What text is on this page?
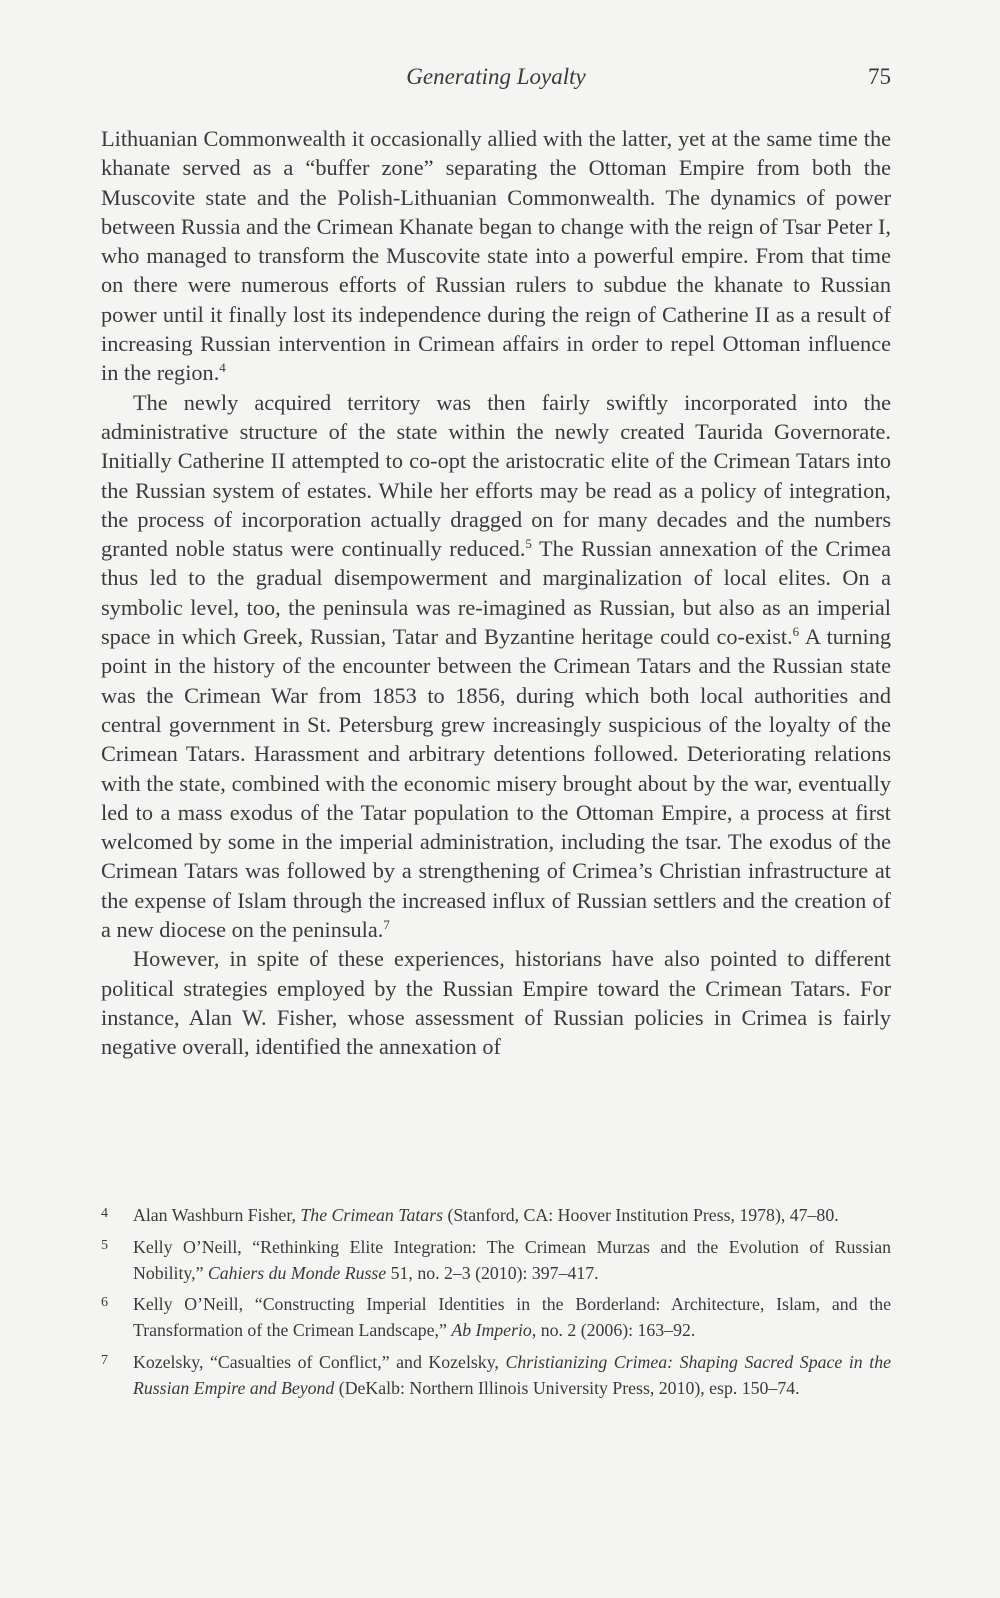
Generating Loyalty	75

Lithuanian Commonwealth it occasionally allied with the latter, yet at the same time the khanate served as a “buffer zone” separating the Ottoman Empire from both the Muscovite state and the Polish-Lithuanian Commonwealth. The dynamics of power between Russia and the Crimean Khanate began to change with the reign of Tsar Peter I, who managed to transform the Muscovite state into a powerful empire. From that time on there were numerous efforts of Russian rulers to subdue the khanate to Russian power until it finally lost its independence during the reign of Catherine II as a result of increasing Russian intervention in Crimean affairs in order to repel Ottoman influence in the region.$^4$

The newly acquired territory was then fairly swiftly incorporated into the administrative structure of the state within the newly created Taurida Governorate. Initially Catherine II attempted to co-opt the aristocratic elite of the Crimean Tatars into the Russian system of estates. While her efforts may be read as a policy of integration, the process of incorporation actually dragged on for many decades and the numbers granted noble status were continually reduced.$^5$ The Russian annexation of the Crimea thus led to the gradual disempowerment and marginalization of local elites. On a symbolic level, too, the peninsula was re-imagined as Russian, but also as an imperial space in which Greek, Russian, Tatar and Byzantine heritage could co-exist.$^6$ A turning point in the history of the encounter between the Crimean Tatars and the Russian state was the Crimean War from 1853 to 1856, during which both local authorities and central government in St. Petersburg grew increasingly suspicious of the loyalty of the Crimean Tatars. Harassment and arbitrary detentions followed. Deteriorating relations with the state, combined with the economic misery brought about by the war, eventually led to a mass exodus of the Tatar population to the Ottoman Empire, a process at first welcomed by some in the imperial administration, including the tsar. The exodus of the Crimean Tatars was followed by a strengthening of Crimea’s Christian infrastructure at the expense of Islam through the increased influx of Russian settlers and the creation of a new diocese on the peninsula.$^7$

However, in spite of these experiences, historians have also pointed to different political strategies employed by the Russian Empire toward the Crimean Tatars. For instance, Alan W. Fisher, whose assessment of Russian policies in Crimea is fairly negative overall, identified the annexation of

4 Alan Washburn Fisher, The Crimean Tatars (Stanford, CA: Hoover Institution Press, 1978), 47–80.
5 Kelly O’Neill, “Rethinking Elite Integration: The Crimean Murzas and the Evolution of Russian Nobility,” Cahiers du Monde Russe 51, no. 2–3 (2010): 397–417.
6 Kelly O’Neill, “Constructing Imperial Identities in the Borderland: Architecture, Islam, and the Transformation of the Crimean Landscape,” Ab Imperio, no. 2 (2006): 163–92.
7 Kozelsky, “Casualties of Conflict,” and Kozelsky, Christianizing Crimea: Shaping Sacred Space in the Russian Empire and Beyond (DeKalb: Northern Illinois University Press, 2010), esp. 150–74.
